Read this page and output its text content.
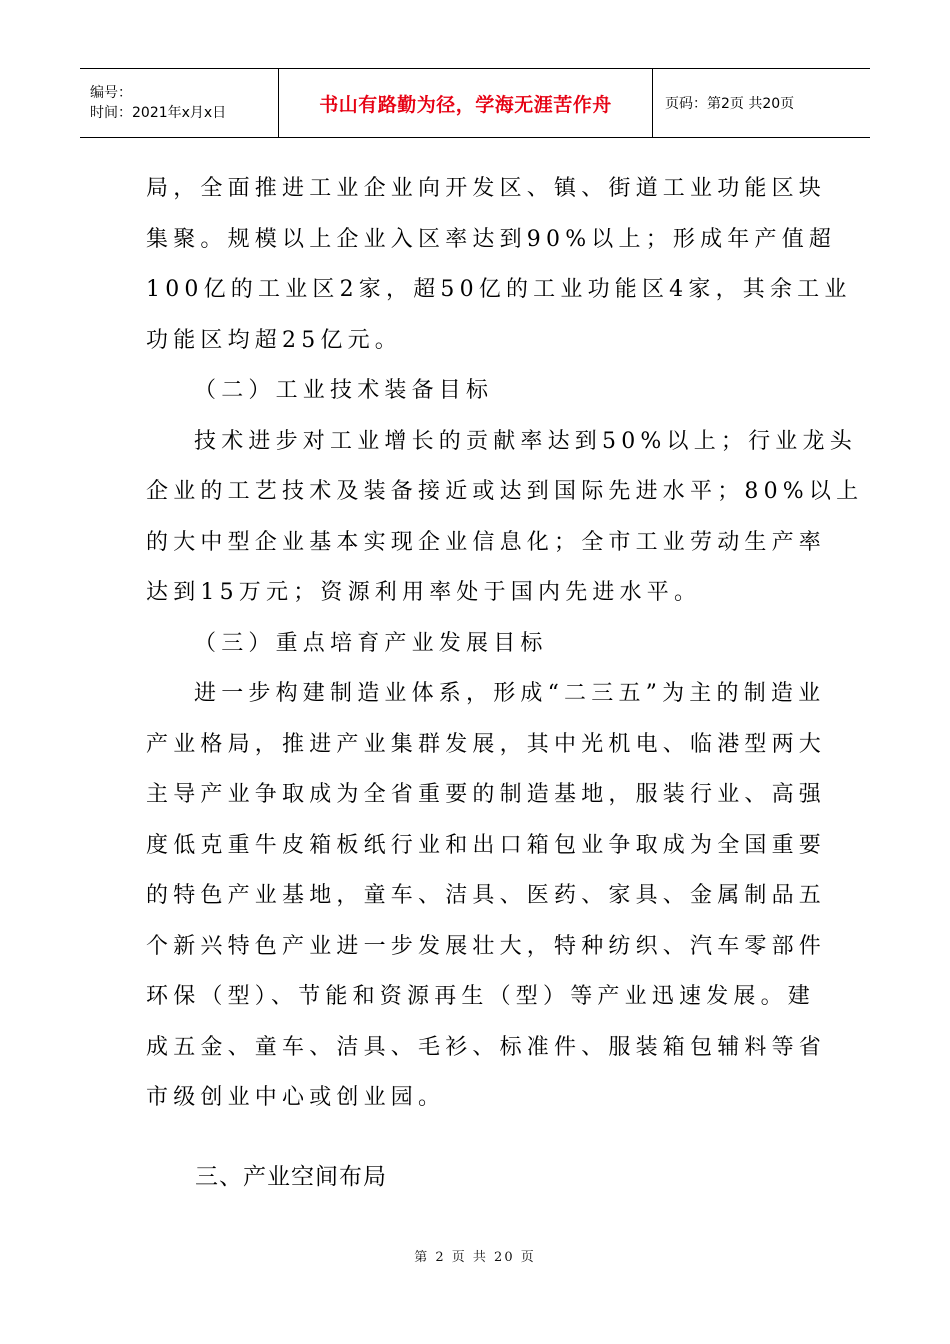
编号：
时间：2021年x月x日	书山有路勤为径，学海无涯苦作舟	页码：第2页 共20页
局，全面推进工业企业向开发区、镇、街道工业功能区块
集聚。规模以上企业入区率达到90%以上；形成年产值超
100亿的工业区2家，超50亿的工业功能区4家，其余工业
功能区均超25亿元。
（二）工业技术装备目标
技术进步对工业增长的贡献率达到50%以上；行业龙头
企业的工艺技术及装备接近或达到国际先进水平；80%以上
的大中型企业基本实现企业信息化；全市工业劳动生产率
达到15万元；资源利用率处于国内先进水平。
（三）重点培育产业发展目标
进一步构建制造业体系，形成“二三五”为主的制造业
产业格局，推进产业集群发展，其中光机电、临港型两大
主导产业争取成为全省重要的制造基地，服装行业、高强
度低克重牛皮箱板纸行业和出口箱包业争取成为全国重要
的特色产业基地，童车、洁具、医药、家具、金属制品五
个新兴特色产业进一步发展壮大，特种纺织、汽车零部件
环保（型）、节能和资源再生（型）等产业迅速发展。建
成五金、童车、洁具、毛衫、标准件、服装箱包辅料等省
市级创业中心或创业园。
三、产业空间布局
第 2 页 共 20 页
